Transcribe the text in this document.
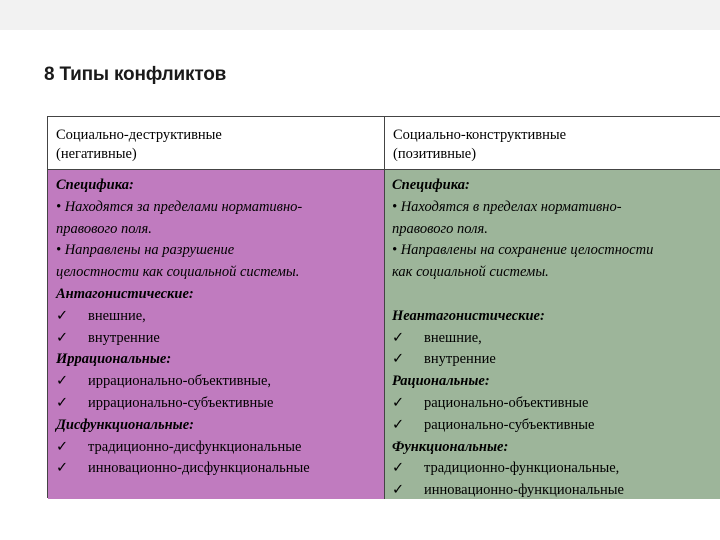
8 Типы конфликтов
Социально-деструктивные
(негативные)
Социально-конструктивные
(позитивные)
Специфика:
• Находятся за пределами нормативно-
правового поля.
• Направлены на разрушение
целостности как социальной системы.
Антагонистические:
✓ внешние,
✓ внутренние
Иррациональные:
✓ иррационально-объективные,
✓ иррационально-субъективные
Дисфункциональные:
✓ традиционно-дисфункциональные
✓ инновационно-дисфункциональные
Специфика:
• Находятся в пределах нормативно-
правового поля.
• Направлены на сохранение целостности
как социальной системы.
Неантагонистические:
✓ внешние,
✓ внутренние
Рациональные:
✓ рационально-объективные
✓ рационально-субъективные
Функциональные:
✓ традиционно-функциональные,
✓ инновационно-функциональные
